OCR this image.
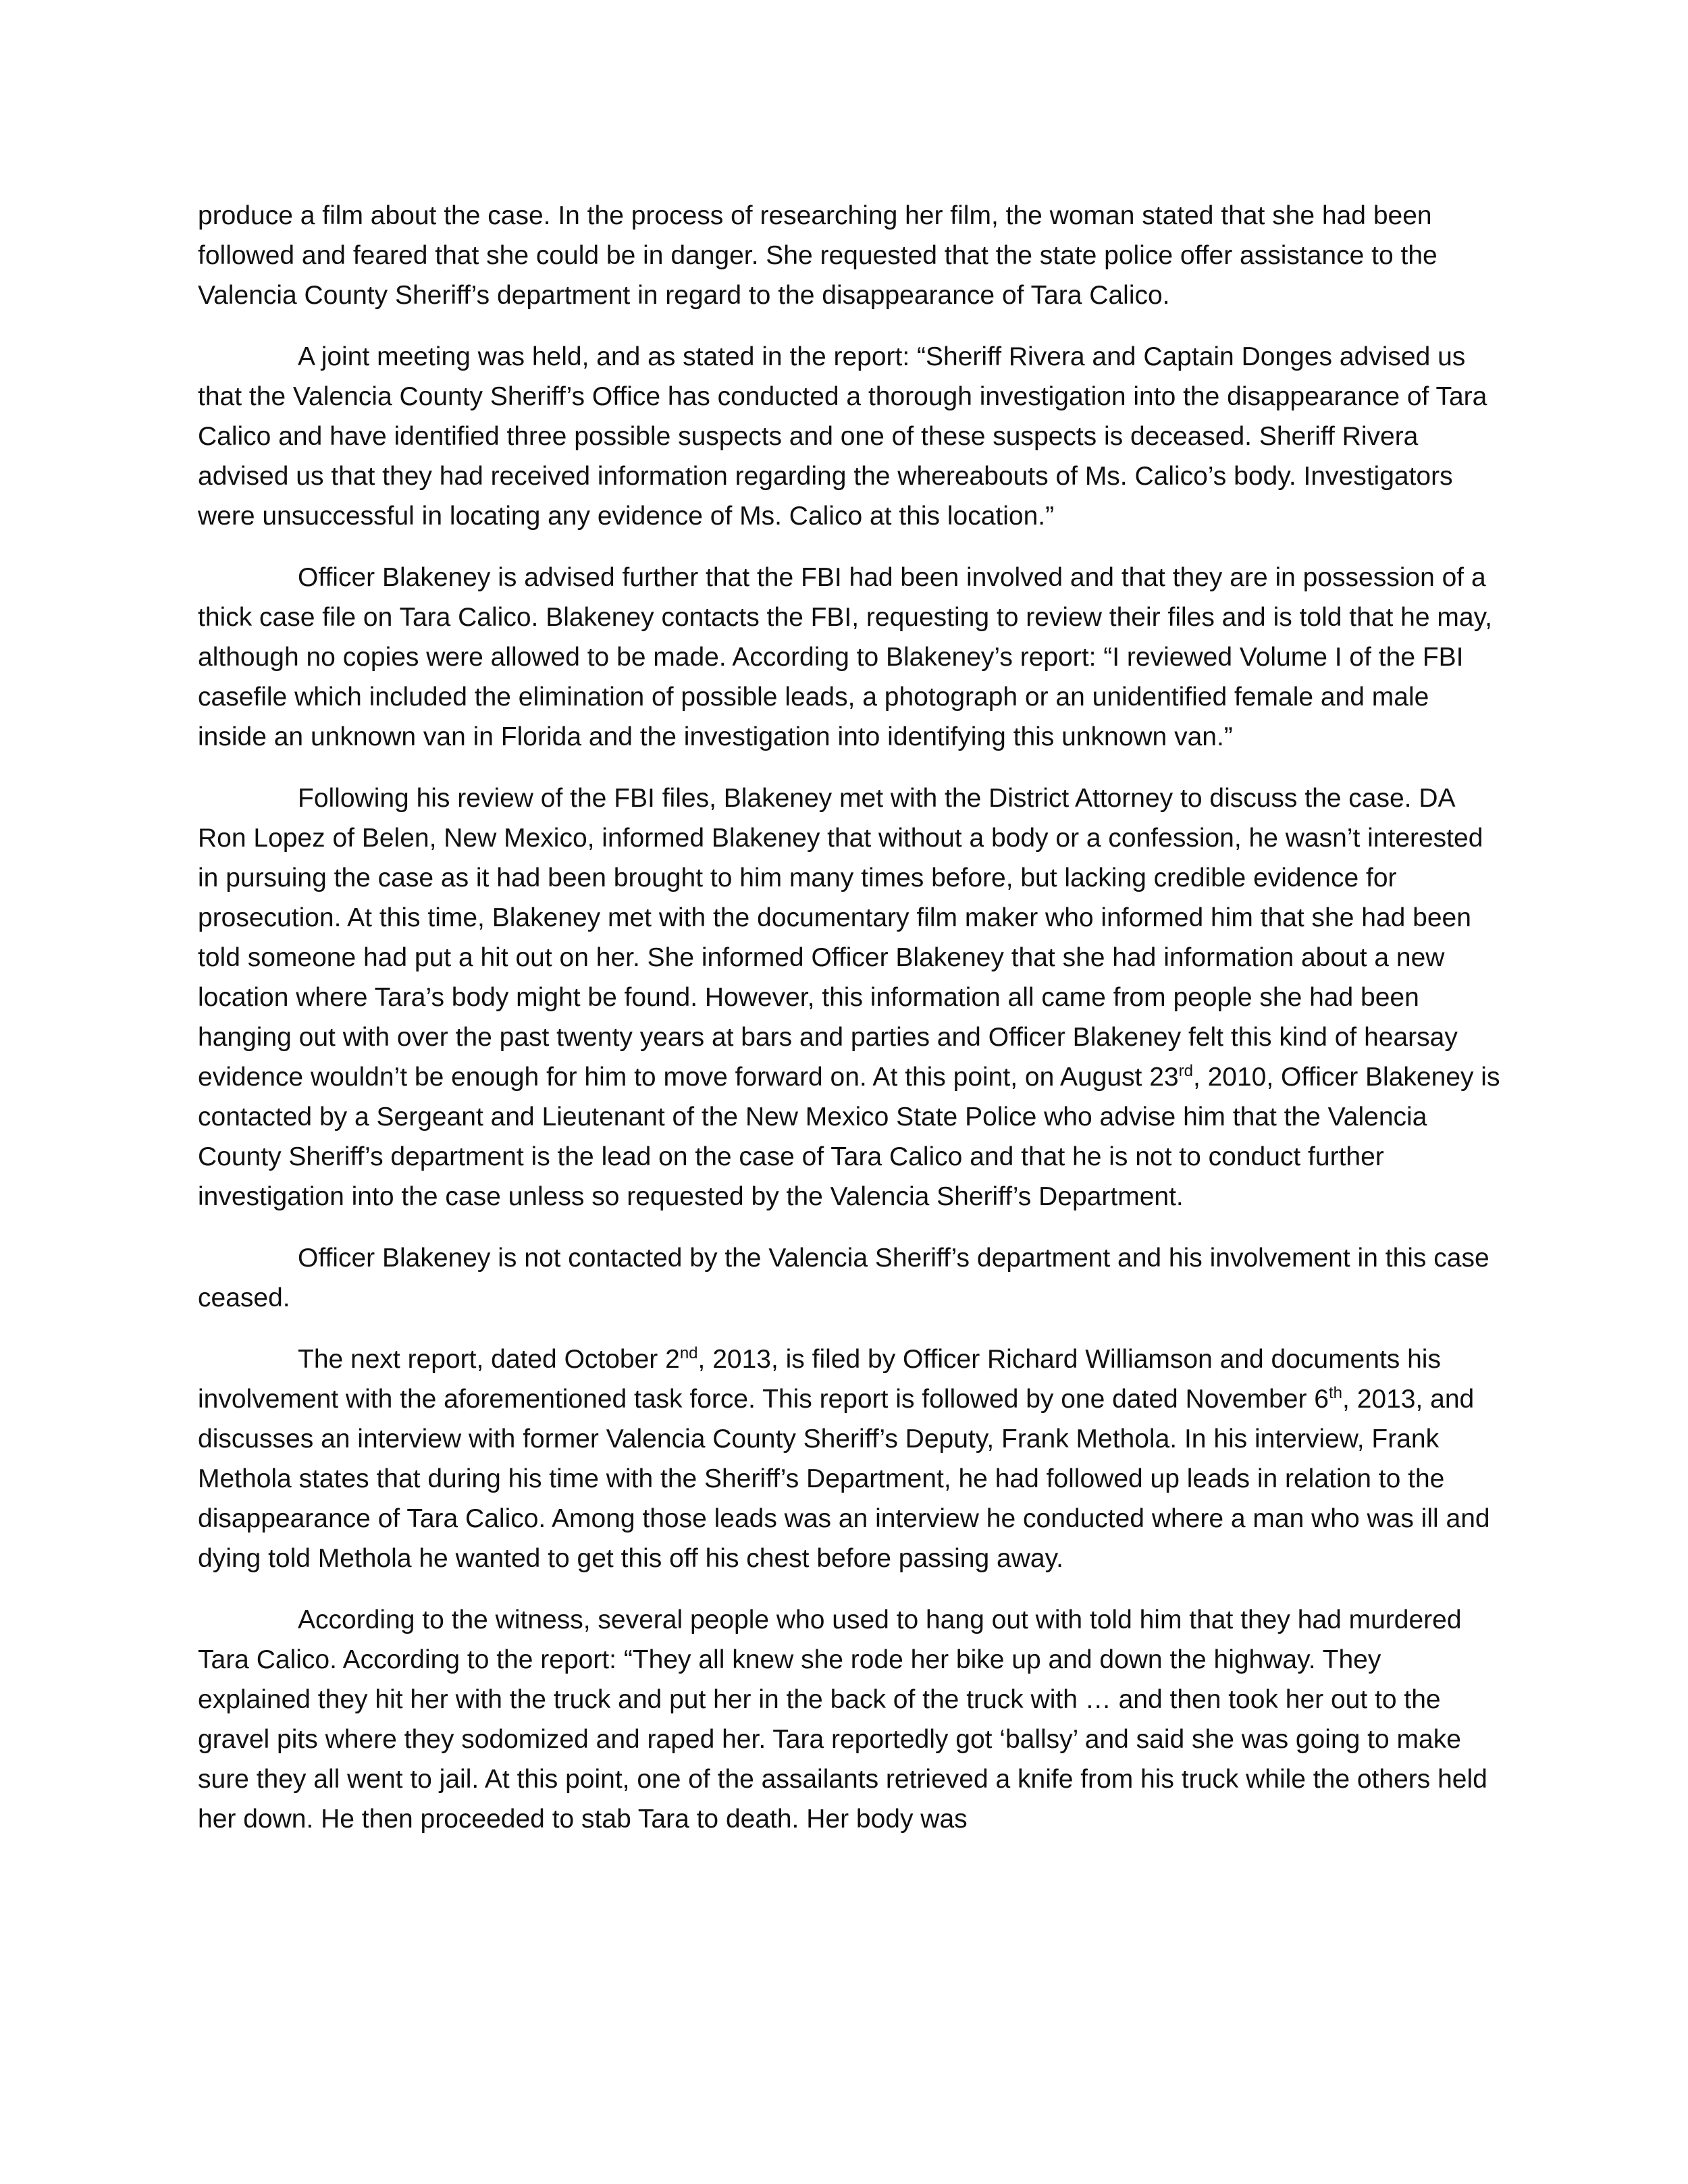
produce a film about the case. In the process of researching her film, the woman stated that she had been followed and feared that she could be in danger. She requested that the state police offer assistance to the Valencia County Sheriff’s department in regard to the disappearance of Tara Calico.

A joint meeting was held, and as stated in the report: “Sheriff Rivera and Captain Donges advised us that the Valencia County Sheriff’s Office has conducted a thorough investigation into the disappearance of Tara Calico and have identified three possible suspects and one of these suspects is deceased. Sheriff Rivera advised us that they had received information regarding the whereabouts of Ms. Calico’s body. Investigators were unsuccessful in locating any evidence of Ms. Calico at this location.”

Officer Blakeney is advised further that the FBI had been involved and that they are in possession of a thick case file on Tara Calico. Blakeney contacts the FBI, requesting to review their files and is told that he may, although no copies were allowed to be made. According to Blakeney’s report: “I reviewed Volume I of the FBI casefile which included the elimination of possible leads, a photograph or an unidentified female and male inside an unknown van in Florida and the investigation into identifying this unknown van.”

Following his review of the FBI files, Blakeney met with the District Attorney to discuss the case. DA Ron Lopez of Belen, New Mexico, informed Blakeney that without a body or a confession, he wasn’t interested in pursuing the case as it had been brought to him many times before, but lacking credible evidence for prosecution. At this time, Blakeney met with the documentary film maker who informed him that she had been told someone had put a hit out on her. She informed Officer Blakeney that she had information about a new location where Tara’s body might be found. However, this information all came from people she had been hanging out with over the past twenty years at bars and parties and Officer Blakeney felt this kind of hearsay evidence wouldn’t be enough for him to move forward on. At this point, on August 23rd, 2010, Officer Blakeney is contacted by a Sergeant and Lieutenant of the New Mexico State Police who advise him that the Valencia County Sheriff’s department is the lead on the case of Tara Calico and that he is not to conduct further investigation into the case unless so requested by the Valencia Sheriff’s Department.

Officer Blakeney is not contacted by the Valencia Sheriff’s department and his involvement in this case ceased.

The next report, dated October 2nd, 2013, is filed by Officer Richard Williamson and documents his involvement with the aforementioned task force. This report is followed by one dated November 6th, 2013, and discusses an interview with former Valencia County Sheriff’s Deputy, Frank Methola. In his interview, Frank Methola states that during his time with the Sheriff’s Department, he had followed up leads in relation to the disappearance of Tara Calico. Among those leads was an interview he conducted where a man who was ill and dying told Methola he wanted to get this off his chest before passing away.

According to the witness, several people who used to hang out with told him that they had murdered Tara Calico. According to the report: “They all knew she rode her bike up and down the highway. They explained they hit her with the truck and put her in the back of the truck with … and then took her out to the gravel pits where they sodomized and raped her. Tara reportedly got ‘ballsy’ and said she was going to make sure they all went to jail. At this point, one of the assailants retrieved a knife from his truck while the others held her down. He then proceeded to stab Tara to death. Her body was
